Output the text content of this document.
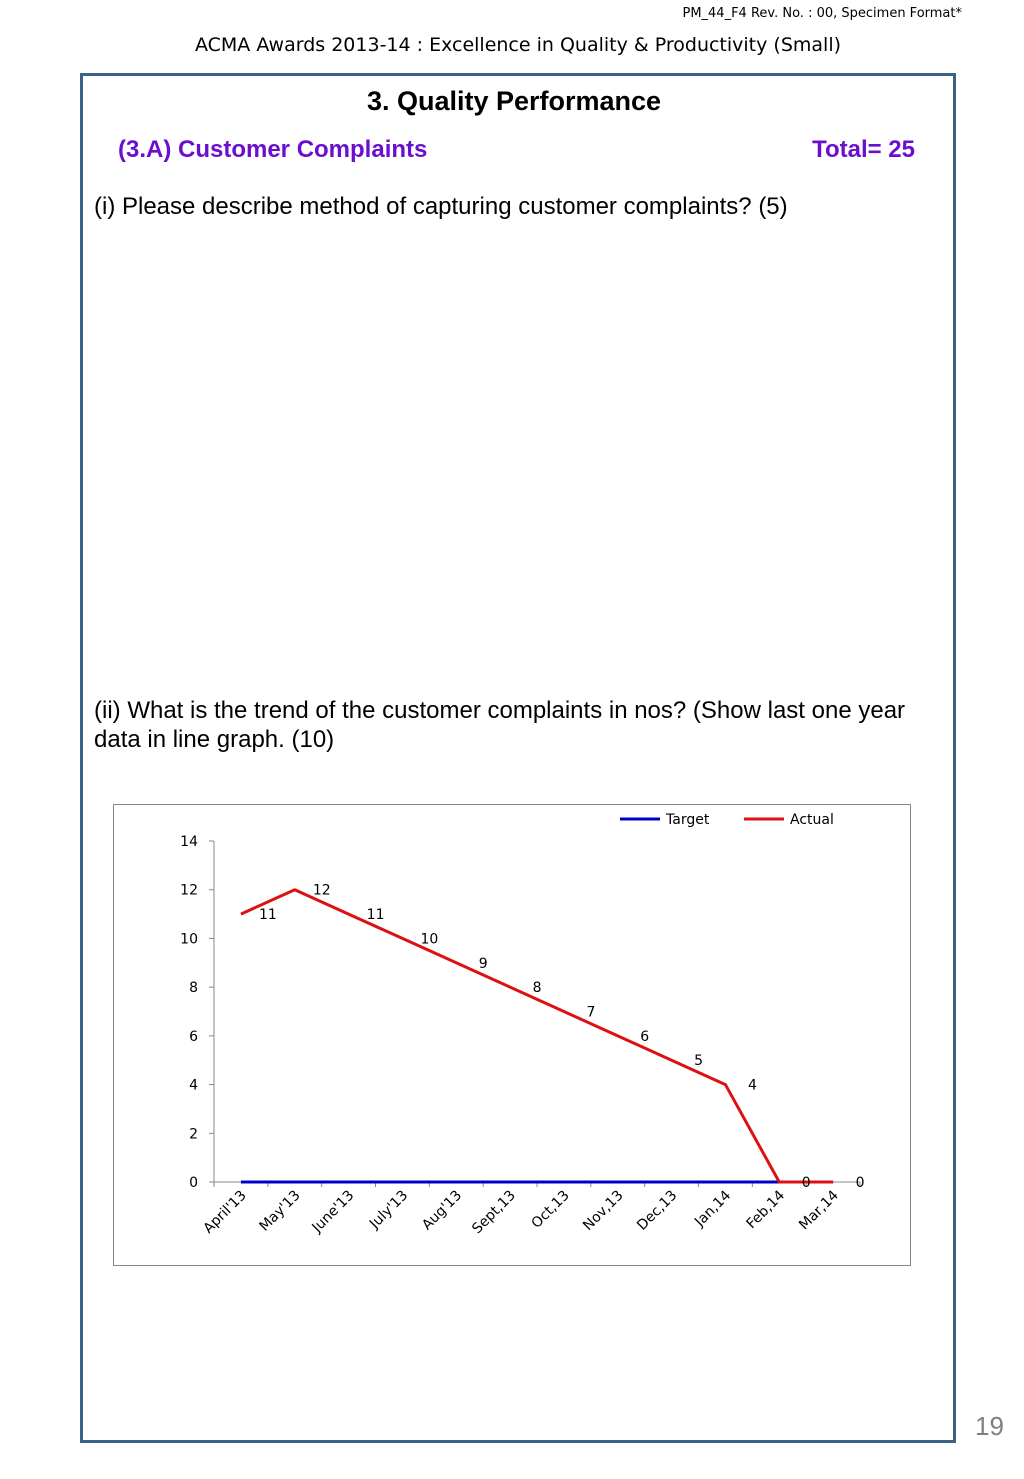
PM_44_F4 Rev. No. : 00, Specimen Format*
ACMA Awards 2013-14 : Excellence in Quality & Productivity (Small)
3. Quality Performance
(3.A) Customer Complaints	Total= 25
(i) Please describe method of capturing customer complaints? (5)
(ii) What is the trend of the customer complaints in nos? (Show last one year data in line graph. (10)
0
2
4
6
8
10
12
14
April'13 May'13 June'13 July'13 Aug'13 Sept,13 Oct,13 Nov,13 Dec,13 Jan,14 Feb,14 Mar,14
11
12
11
10
9
8
7
6
5
4
0	0
Target	Actual
19
